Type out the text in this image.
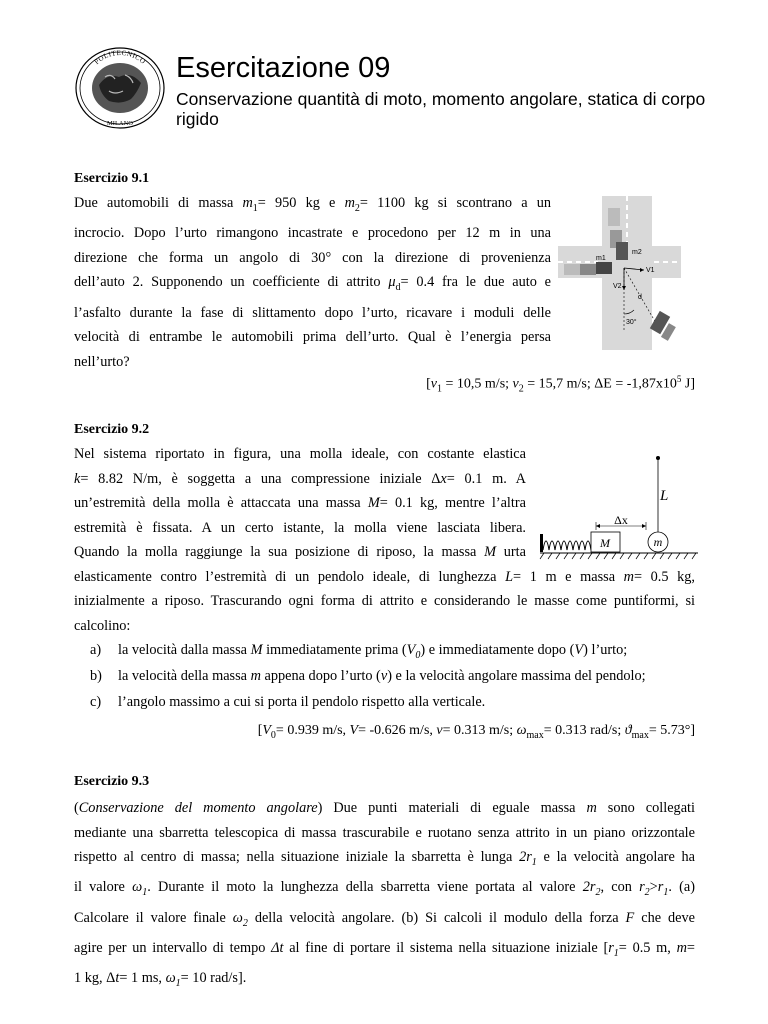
POLITECNICO
MILANO
Esercitazione 09
Conservazione quantità di moto, momento angolare, statica di corpo rigido
Esercizio 9.1
Due automobili di massa $m_1= 950$ kg e $m_2= 1100$ kg si scontrano a un
incrocio. Dopo l’urto rimangono incastrate e procedono per 12 m in una
direzione che forma un angolo di 30° con la direzione di provenienza
dell’auto 2. Supponendo un coefficiente di attrito $\mu_d= 0.4$ fra le due auto e
l’asfalto durante la fase di slittamento dopo l’urto, ricavare i moduli delle
velocità di entrambe le automobili prima dell’urto. Qual è l’energia persa
nell’urto?
[$v_1 = 10,5$ m/s; $v_2 = 15,7$ m/s; $\Delta E = -1,87x10^5$ J]
m1
m2
V1
V2
d
30°
Esercizio 9.2
Nel sistema riportato in figura, una molla ideale, con costante elastica
k= 8.82 N/m, è soggetta a una compressione iniziale Δx= 0.1 m. A
un’estremità della molla è attaccata una massa M= 0.1 kg, mentre l’altra
estremità è fissata. A un certo istante, la molla viene lasciata libera.
Quando la molla raggiunge la sua posizione di riposo, la massa M urta
elasticamente contro l’estremità di un pendolo ideale, di lunghezza L= 1 m e massa m= 0.5 kg,
inizialmente a riposo. Trascurando ogni forma di attrito e considerando le masse come puntiformi, si
calcolino:
a) la velocità dalla massa M immediatamente prima $(V_0)$ e immediatamente dopo (V) l’urto;
b) la velocità della massa m appena dopo l’urto (v) e la velocità angolare massima del pendolo;
c) l’angolo massimo a cui si porta il pendolo rispetto alla verticale.
[$V_0= 0.939$ m/s, V= -0.626 m/s, v= 0.313 m/s; $\omega_{max}= 0.313$ rad/s; $ϑ_{max}= 5.73^\circ$]
L
Δx
M	m
Esercizio 9.3
(Conservazione del momento angolare) Due punti materiali di eguale massa m sono collegati
mediante una sbarretta telescopica di massa trascurabile e ruotano senza attrito in un piano orizzontale
rispetto al centro di massa; nella situazione iniziale la sbarretta è lunga $2r_1$ e la velocità angolare ha
il valore $\omega_1$. Durante il moto la lunghezza della sbarretta viene portata al valore $2r_2$, con $r_2>r_1$. (a)
Calcolare il valore finale $\omega_2$ della velocità angolare. (b) Si calcoli il modulo della forza F che deve
agire per un intervallo di tempo Δt al fine di portare il sistema nella situazione iniziale [$r_1= 0.5$ m, m=
1 kg, Δt= 1 ms, $\omega_1= 10$ rad/s].
